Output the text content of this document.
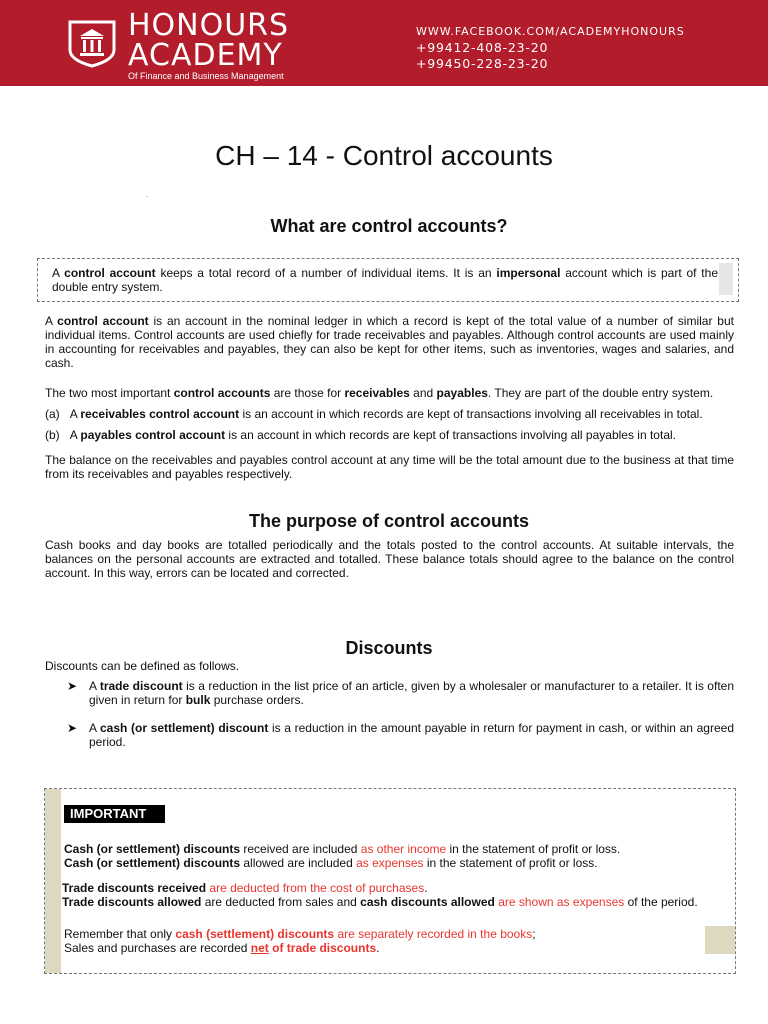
HONOURS
ACADEMY
Of Finance and Business Management
WWW.FACEBOOK.COM/ACADEMYHONOURS
+99412-408-23-20
+99450-228-23-20
CH – 14 - Control accounts
.
What are control accounts?
A control account keeps a total record of a number of individual items. It is an impersonal account which is part of the double entry system.

A control account is an account in the nominal ledger in which a record is kept of the total value of a number of similar but individual items. Control accounts are used chiefly for trade receivables and payables. Although control accounts are used mainly in accounting for receivables and payables, they can also be kept for other items, such as inventories, wages and salaries, and cash.

The two most important control accounts are those for receivables and payables. They are part of the double entry system.

(a) A receivables control account is an account in which records are kept of transactions involving all receivables in total.
(b) A payables control account is an account in which records are kept of transactions involving all payables in total.

The balance on the receivables and payables control account at any time will be the total amount due to the business at that time from its receivables and payables respectively.

The purpose of control accounts

Cash books and day books are totalled periodically and the totals posted to the control accounts. At suitable intervals, the balances on the personal accounts are extracted and totalled. These balance totals should agree to the balance on the control account. In this way, errors can be located and corrected.

Discounts
Discounts can be defined as follows.
➤ A trade discount is a reduction in the list price of an article, given by a wholesaler or manufacturer to a retailer. It is often given in return for bulk purchase orders.
➤ A cash (or settlement) discount is a reduction in the amount payable in return for payment in cash, or within an agreed period.
IMPORTANT
Cash (or settlement) discounts received are included as other income in the statement of profit or loss.
Cash (or settlement) discounts allowed are included as expenses in the statement of profit or loss.
Trade discounts received are deducted from the cost of purchases.
Trade discounts allowed are deducted from sales and cash discounts allowed are shown as expenses of the period.
Remember that only cash (settlement) discounts are separately recorded in the books;
Sales and purchases are recorded net of trade discounts.
